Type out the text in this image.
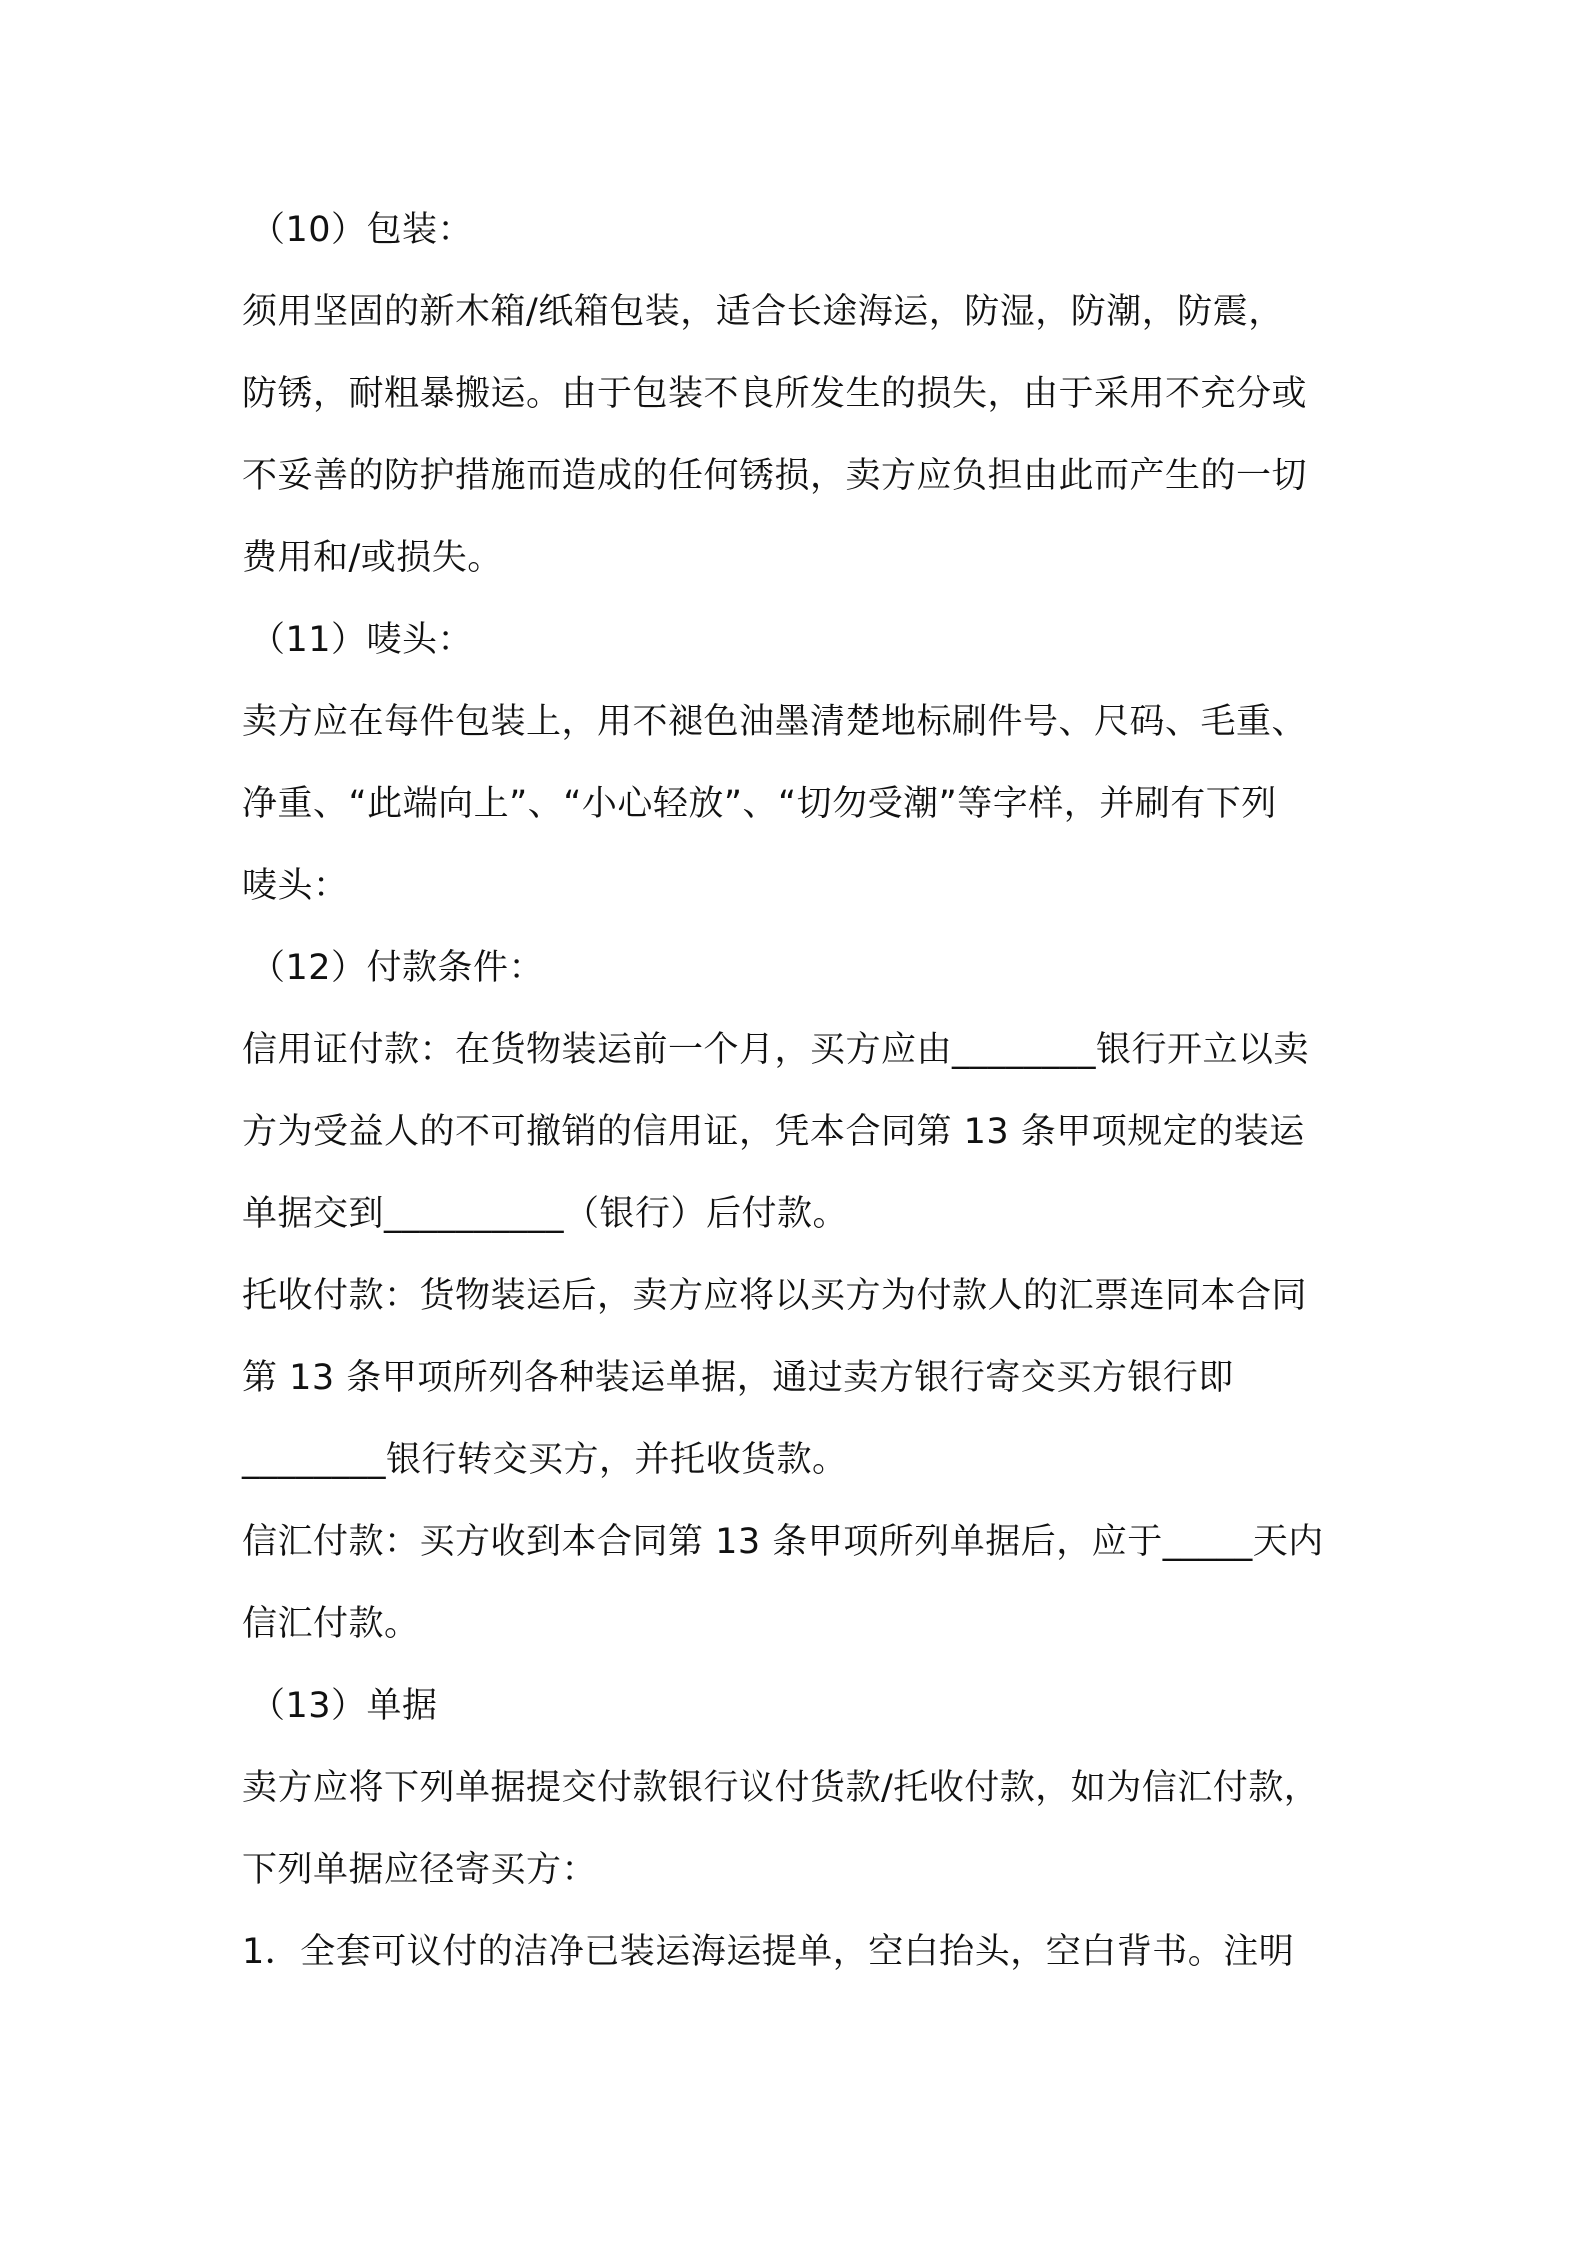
（10）包装：
须用坚固的新木箱/纸箱包装，适合长途海运，防湿，防潮，防震，
防锈，耐粗暴搬运。由于包装不良所发生的损失，由于采用不充分或
不妥善的防护措施而造成的任何锈损，卖方应负担由此而产生的一切
费用和/或损失。
（11）唛头：
卖方应在每件包装上，用不褪色油墨清楚地标刷件号、尺码、毛重、
净重、“此端向上”、“小心轻放”、“切勿受潮”等字样，并刷有下列
唛头：
（12）付款条件：
信用证付款：在货物装运前一个月，买方应由________银行开立以卖
方为受益人的不可撤销的信用证，凭本合同第 13 条甲项规定的装运
单据交到__________（银行）后付款。
托收付款：货物装运后，卖方应将以买方为付款人的汇票连同本合同
第 13 条甲项所列各种装运单据，通过卖方银行寄交买方银行即
________银行转交买方，并托收货款。
信汇付款：买方收到本合同第 13 条甲项所列单据后，应于_____天内
信汇付款。
（13）单据
卖方应将下列单据提交付款银行议付货款/托收付款，如为信汇付款，
下列单据应径寄买方：
1．全套可议付的洁净已装运海运提单，空白抬头，空白背书。注明
